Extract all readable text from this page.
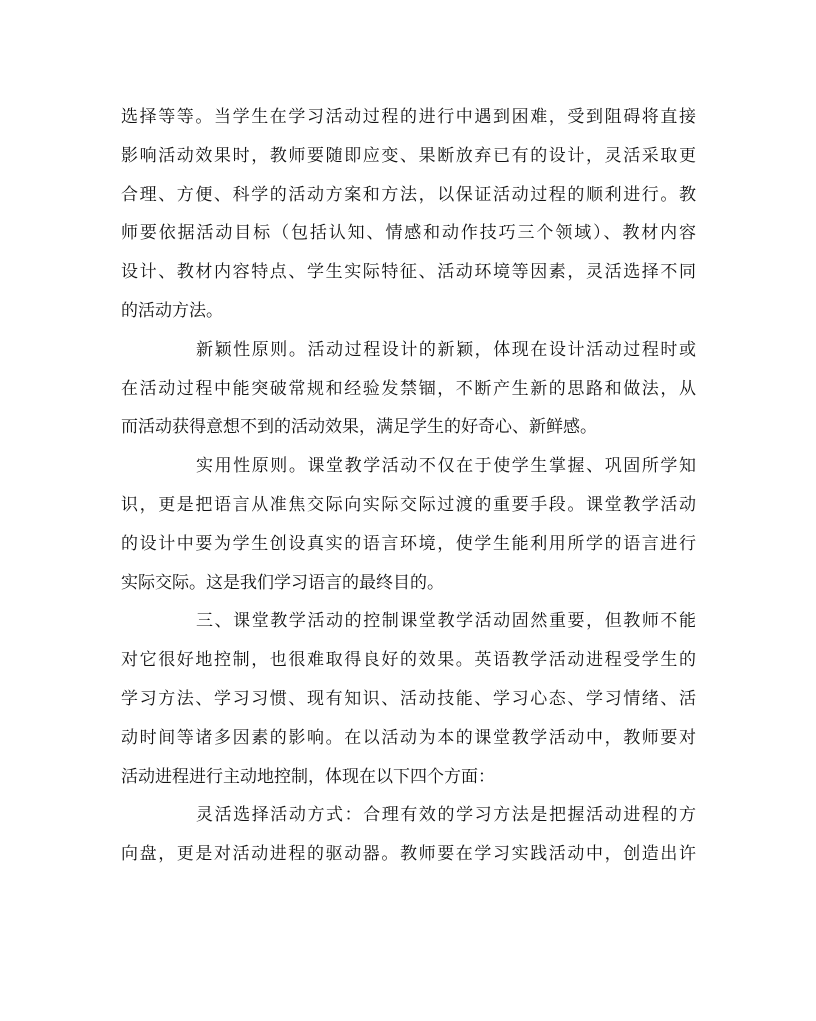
选择等等。当学生在学习活动过程的进行中遇到困难，受到阻碍将直接
影响活动效果时，教师要随即应变、果断放弃已有的设计，灵活采取更
合理、方便、科学的活动方案和方法，以保证活动过程的顺利进行。教
师要依据活动目标（包括认知、情感和动作技巧三个领域）、教材内容
设计、教材内容特点、学生实际特征、活动环境等因素，灵活选择不同
的活动方法。
新颖性原则。活动过程设计的新颖，体现在设计活动过程时或
在活动过程中能突破常规和经验发禁锢，不断产生新的思路和做法，从
而活动获得意想不到的活动效果，满足学生的好奇心、新鲜感。
实用性原则。课堂教学活动不仅在于使学生掌握、巩固所学知
识，更是把语言从准焦交际向实际交际过渡的重要手段。课堂教学活动
的设计中要为学生创设真实的语言环境，使学生能利用所学的语言进行
实际交际。这是我们学习语言的最终目的。
三、课堂教学活动的控制课堂教学活动固然重要，但教师不能
对它很好地控制，也很难取得良好的效果。英语教学活动进程受学生的
学习方法、学习习惯、现有知识、活动技能、学习心态、学习情绪、活
动时间等诸多因素的影响。在以活动为本的课堂教学活动中，教师要对
活动进程进行主动地控制，体现在以下四个方面：
灵活选择活动方式：合理有效的学习方法是把握活动进程的方
向盘，更是对活动进程的驱动器。教师要在学习实践活动中，创造出许
